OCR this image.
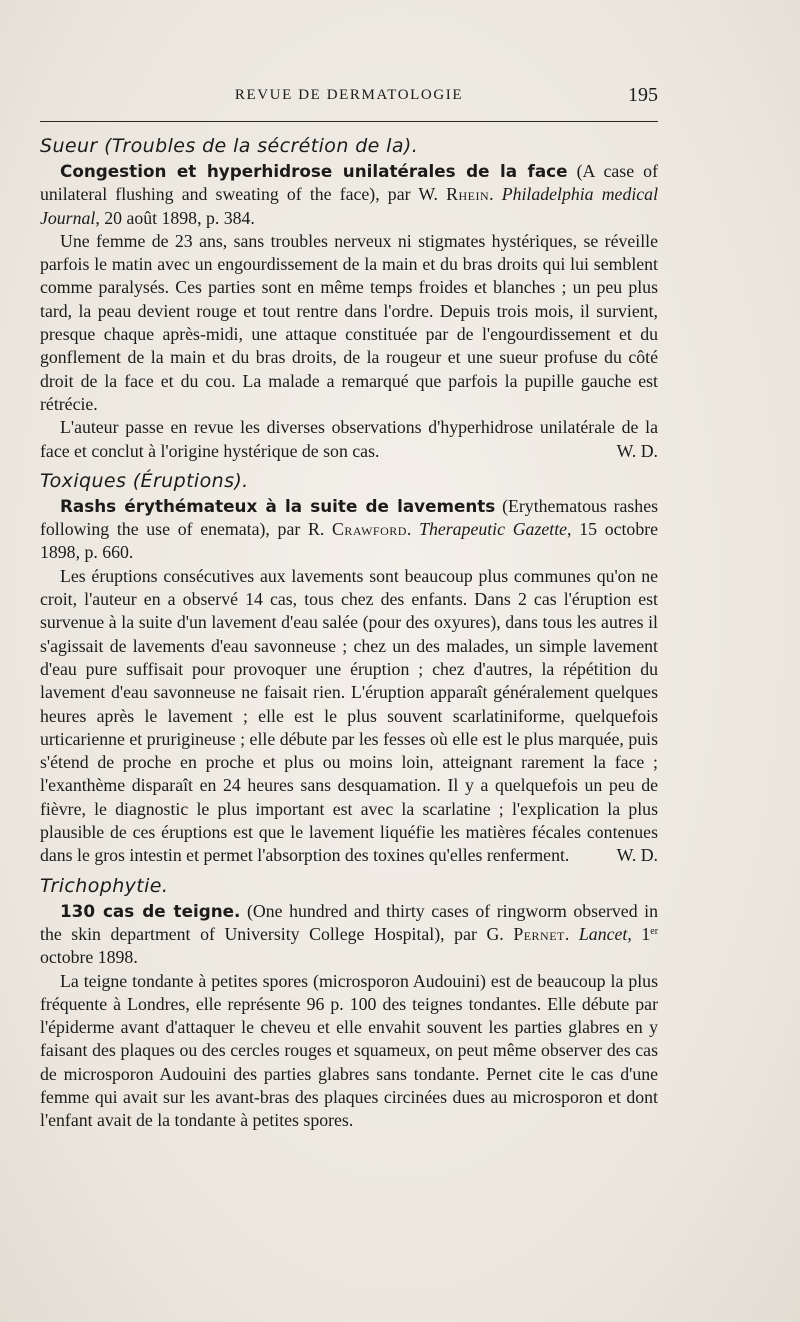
REVUE DE DERMATOLOGIE	195

Sueur (Troubles de la sécrétion de la).

Congestion et hyperhidrose unilatérales de la face (A case of unilateral flushing and sweating of the face), par W. Rhein. Philadelphia medical Journal, 20 août 1898, p. 384.

Une femme de 23 ans, sans troubles nerveux ni stigmates hystériques, se réveille parfois le matin avec un engourdissement de la main et du bras droits qui lui semblent comme paralysés. Ces parties sont en même temps froides et blanches ; un peu plus tard, la peau devient rouge et tout rentre dans l'ordre. Depuis trois mois, il survient, presque chaque après-midi, une attaque constituée par de l'engourdissement et du gonflement de la main et du bras droits, de la rougeur et une sueur profuse du côté droit de la face et du cou. La malade a remarqué que parfois la pupille gauche est rétrécie.

L'auteur passe en revue les diverses observations d'hyperhidrose unilatérale de la face et conclut à l'origine hystérique de son cas.	W. D.

Toxiques (Éruptions).

Rashs érythémateux à la suite de lavements (Erythematous rashes following the use of enemata), par R. Crawford. Therapeutic Gazette, 15 octobre 1898, p. 660.

Les éruptions consécutives aux lavements sont beaucoup plus communes qu'on ne croit, l'auteur en a observé 14 cas, tous chez des enfants. Dans 2 cas l'éruption est survenue à la suite d'un lavement d'eau salée (pour des oxyures), dans tous les autres il s'agissait de lavements d'eau savonneuse ; chez un des malades, un simple lavement d'eau pure suffisait pour provoquer une éruption ; chez d'autres, la répétition du lavement d'eau savonneuse ne faisait rien. L'éruption apparaît généralement quelques heures après le lavement ; elle est le plus souvent scarlatiniforme, quelquefois urticarienne et prurigineuse ; elle débute par les fesses où elle est le plus marquée, puis s'étend de proche en proche et plus ou moins loin, atteignant rarement la face ; l'exanthème disparaît en 24 heures sans desquamation. Il y a quelquefois un peu de fièvre, le diagnostic le plus important est avec la scarlatine ; l'explication la plus plausible de ces éruptions est que le lavement liquéfie les matières fécales contenues dans le gros intestin et permet l'absorption des toxines qu'elles renferment.	W. D.

Trichophytie.

130 cas de teigne. (One hundred and thirty cases of ringworm observed in the skin department of University College Hospital), par G. Pernet. Lancet, 1er octobre 1898.

La teigne tondante à petites spores (microsporon Audouini) est de beaucoup la plus fréquente à Londres, elle représente 96 p. 100 des teignes tondantes. Elle débute par l'épiderme avant d'attaquer le cheveu et elle envahit souvent les parties glabres en y faisant des plaques ou des cercles rouges et squameux, on peut même observer des cas de microsporon Audouini des parties glabres sans tondante. Pernet cite le cas d'une femme qui avait sur les avant-bras des plaques circinées dues au microsporon et dont l'enfant avait de la tondante à petites spores.
